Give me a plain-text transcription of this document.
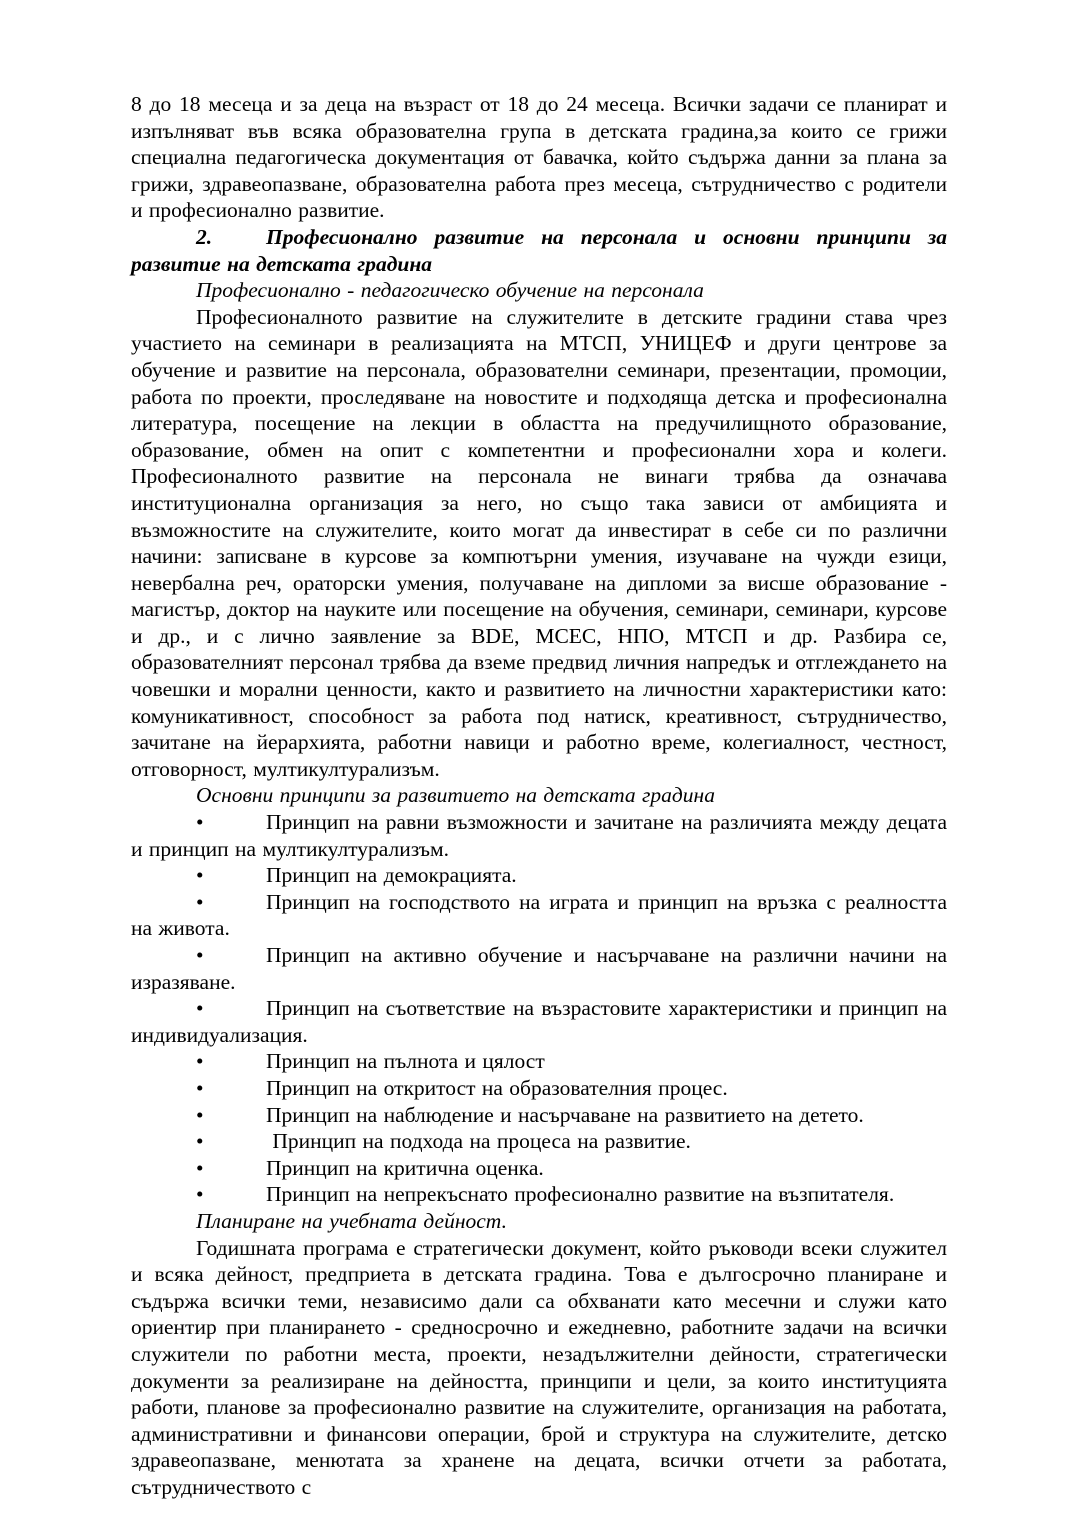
8 до 18 месеца и за деца на възраст от 18 до 24 месеца. Всички задачи се планират и изпълняват във всяка образователна група в детската градина,за които се грижи специална педагогическа документация от бавачка, който съдържа данни за плана за грижи, здравеопазване, образователна работа през месеца, сътрудничество с родители и професионално развитие.

2.	Професионално развитие на персонала и основни принципи за развитие на детската градина

Професионално - педагогическо обучение на персонала

Професионалното развитие на служителите в детските градини става чрез участието на семинари в реализацията на МТСП, УНИЦЕФ и други центрове за обучение и развитие на персонала, образователни семинари, презентации, промоции, работа по проекти, проследяване на новостите и подходяща детска и професионална литература, посещение на лекции в областта на предучилищното образование, образование, обмен на опит с компетентни и професионални хора и колеги. Професионалното развитие на персонала не винаги трябва да означава институционална организация за него, но също така зависи от амбицията и възможностите на служителите, които могат да инвестират в себе си по различни начини: записване в курсове за компютърни умения, изучаване на чужди езици, невербална реч, ораторски умения, получаване на дипломи за висше образование - магистър, доктор на науките или посещение на обучения, семинари, семинари, курсове и др., и с лично заявление за BDE, МСЕС, НПО, МТСП и др. Разбира се, образователният персонал трябва да вземе предвид личния напредък и отглеждането на човешки и морални ценности, както и развитието на личностни характеристики като: комуникативност, способност за работа под натиск, креативност, сътрудничество, зачитане на йерархията, работни навици и работно време, колегиалност, честност, отговорност, мултикултурализъм.

Основни принципи за развитието на детската градина

•	Принцип на равни възможности и зачитане на различията между децата и принцип на мултикултурализъм.

•	Принцип на демокрацията.

•	Принцип на господството на играта и принцип на връзка с реалността на живота.

•	Принцип на активно обучение и насърчаване на различни начини на изразяване.

•	Принцип на съответствие на възрастовите характеристики и принцип на индивидуализация.

•	Принцип на пълнота и цялост

•	Принцип на откритост на образователния процес.

•	Принцип на наблюдение и насърчаване на развитието на детето.

•	Принцип на подхода на процеса на развитие.

•	Принцип на критична оценка.

•	Принцип на непрекъснато професионално развитие на възпитателя.

Планиране на учебната дейност.

Годишната програма е стратегически документ, който ръководи всеки служител и всяка дейност, предприета в детската градина. Това е дългосрочно планиране и съдържа всички теми, независимо дали са обхванати като месечни и служи като ориентир при планирането - средносрочно и ежедневно, работните задачи на всички служители по работни места, проекти, незадължителни дейности, стратегически документи за реализиране на дейността, принципи и цели, за които институцията работи, планове за професионално развитие на служителите, организация на работата, административни и финансови операции, брой и структура на служителите, детско здравеопазване, менютата за хранене на децата, всички отчети за работата, сътрудничеството с
